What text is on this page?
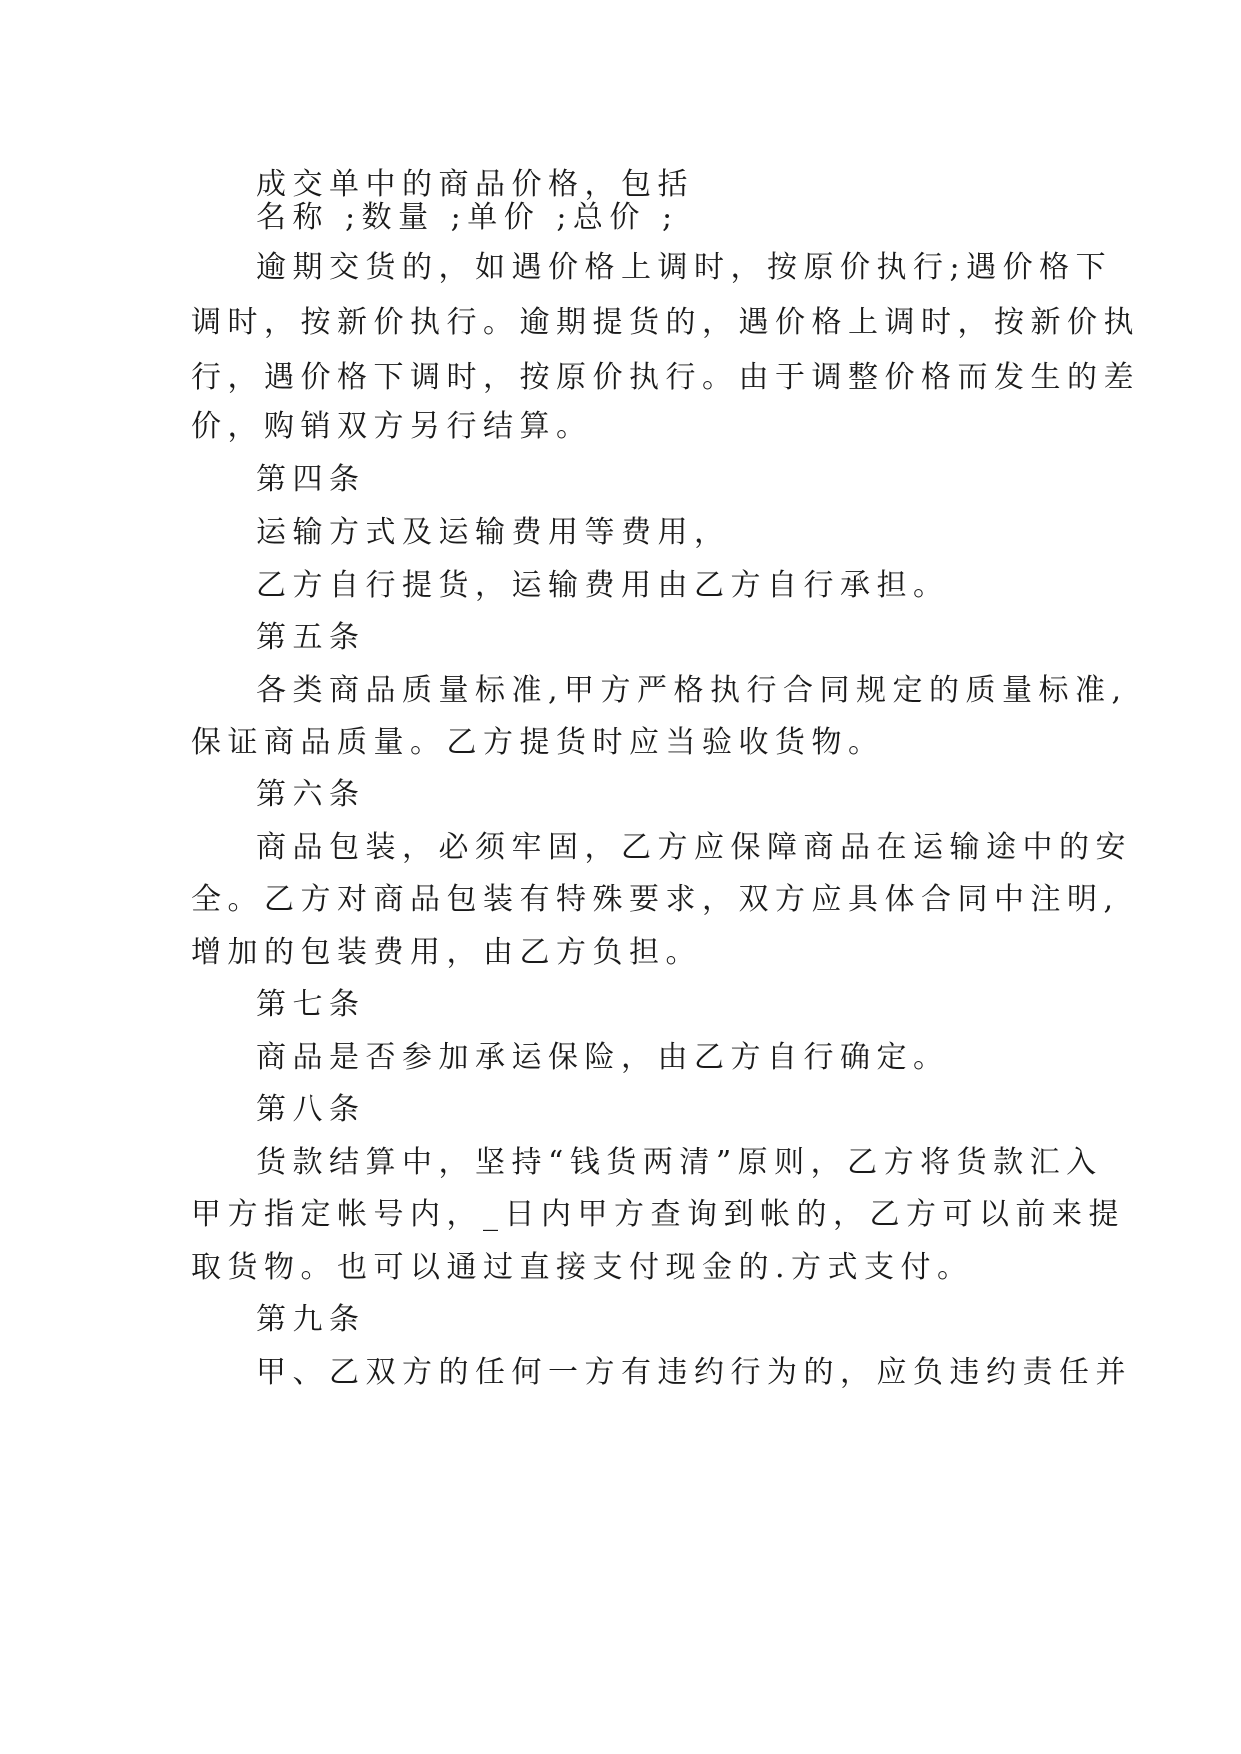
成交单中的商品价格，包括

名称 ;数量 ;单价 ;总价 ;

逾期交货的，如遇价格上调时，按原价执行;遇价格下

调时，按新价执行。逾期提货的，遇价格上调时，按新价执

行，遇价格下调时，按原价执行。由于调整价格而发生的差

价，购销双方另行结算。

第四条

运输方式及运输费用等费用，

乙方自行提货，运输费用由乙方自行承担。

第五条

各类商品质量标准,甲方严格执行合同规定的质量标准,

保证商品质量。乙方提货时应当验收货物。

第六条

商品包装，必须牢固，乙方应保障商品在运输途中的安

全。乙方对商品包装有特殊要求，双方应具体合同中注明,

增加的包装费用，由乙方负担。

第七条

商品是否参加承运保险，由乙方自行确定。

第八条

货款结算中，坚持“钱货两清”原则，乙方将货款汇入

甲方指定帐号内，_日内甲方查询到帐的，乙方可以前来提

取货物。也可以通过直接支付现金的.方式支付。

第九条

甲、乙双方的任何一方有违约行为的，应负违约责任并
